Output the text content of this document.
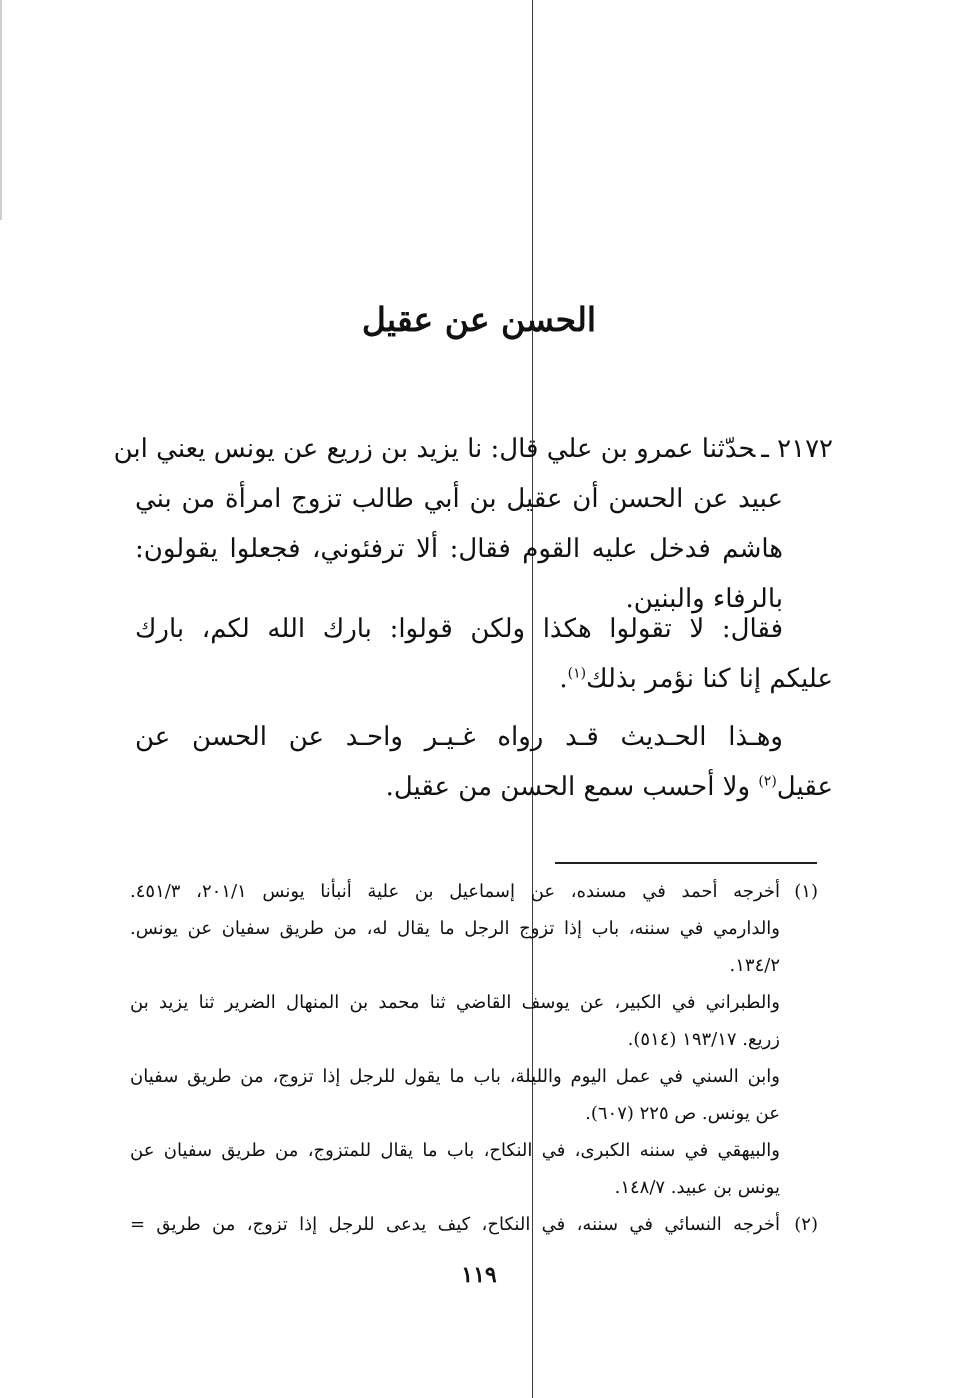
الحسن عن عقيل
٢١٧٢ ـحدّثنا عمرو بن علي قال: نا يزيد بن زريع عن يونس يعني ابن
عبيد عن الحسن أن عقيل بن أبي طالب تزوج امرأة من بني
هاشم فدخل عليه القوم فقال: ألا ترفئوني، فجعلوا يقولون:
بالرفاء والبنين.
فقال: لا تقولوا هكذا ولكن قولوا: بارك الله لكم، بارك
عليكم إنا كنا نؤمر بذلك$^{(١)}$.
وهـذا الحـديث قـد رواه غـيـر واحـد عن الحسن عن
عقيل$^{(٢)}$ ولا أحسب سمع الحسن من عقيل.
(١)أخرجه أحمد في مسنده، عن إسماعيل بن علية أنبأنا يونس ٢٠١/١، ٤٥١/٣.
والدارمي في سننه، باب إذا تزوج الرجل ما يقال له، من طريق سفيان عن يونس.
١٣٤/٢.
والطبراني في الكبير، عن يوسف القاضي ثنا محمد بن المنهال الضرير ثنا يزيد بن
زريع. ١٩٣/١٧ (٥١٤).
وابن السني في عمل اليوم والليلة، باب ما يقول للرجل إذا تزوج، من طريق سفيان
عن يونس. ص ٢٢٥ (٦٠٧).
والبيهقي في سننه الكبرى، في النكاح، باب ما يقال للمتزوج، من طريق سفيان عن
يونس بن عبيد. ١٤٨/٧.
(٢)أخرجه النسائي في سننه، في النكاح، كيف يدعى للرجل إذا تزوج، من طريق =
١١٩
